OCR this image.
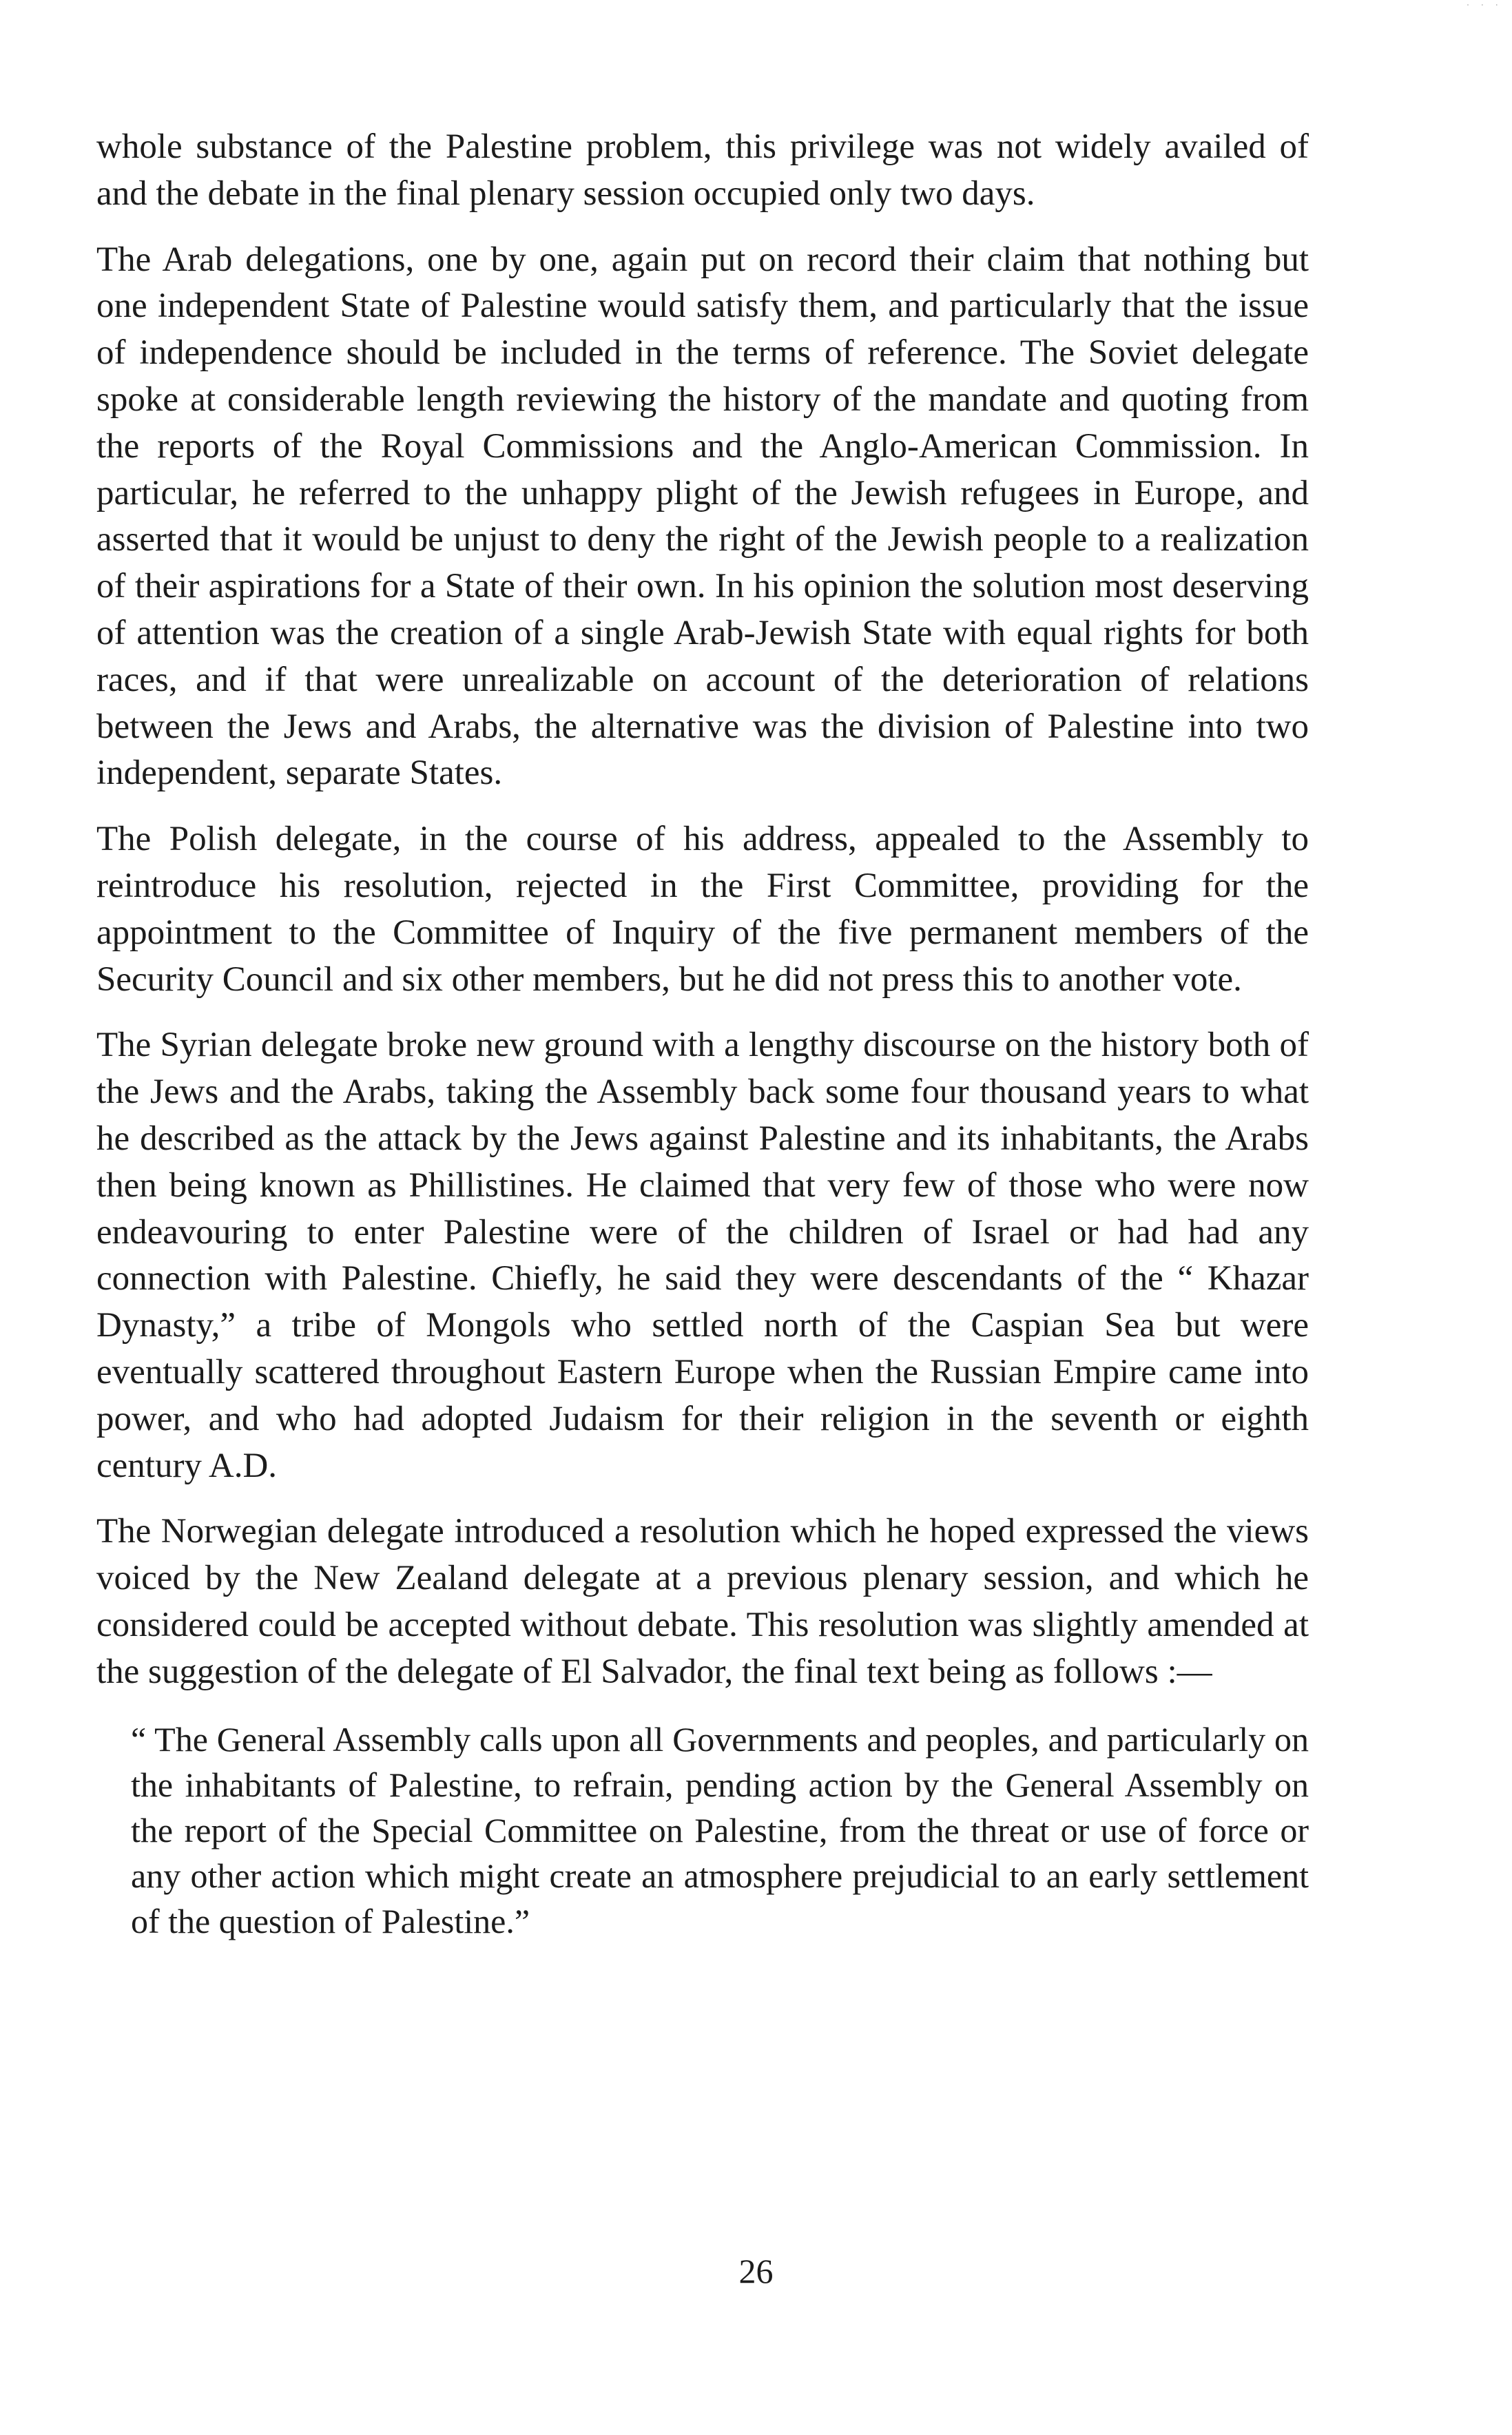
· · ·

whole substance of the Palestine problem, this privilege was not widely availed of and the debate in the final plenary session occupied only two days.

The Arab delegations, one by one, again put on record their claim that nothing but one independent State of Palestine would satisfy them, and particularly that the issue of independence should be included in the terms of reference. The Soviet delegate spoke at considerable length reviewing the history of the mandate and quoting from the reports of the Royal Commissions and the Anglo-American Commission. In particular, he referred to the unhappy plight of the Jewish refugees in Europe, and asserted that it would be unjust to deny the right of the Jewish people to a realization of their aspirations for a State of their own. In his opinion the solution most deserving of attention was the creation of a single Arab-Jewish State with equal rights for both races, and if that were unrealizable on account of the deterioration of relations between the Jews and Arabs, the alternative was the division of Palestine into two independent, separate States.

The Polish delegate, in the course of his address, appealed to the Assembly to reintroduce his resolution, rejected in the First Committee, providing for the appointment to the Committee of Inquiry of the five permanent members of the Security Council and six other members, but he did not press this to another vote.

The Syrian delegate broke new ground with a lengthy discourse on the history both of the Jews and the Arabs, taking the Assembly back some four thousand years to what he described as the attack by the Jews against Palestine and its inhabitants, the Arabs then being known as Phillistines. He claimed that very few of those who were now endeavouring to enter Palestine were of the children of Israel or had had any connection with Palestine. Chiefly, he said they were descendants of the “ Khazar Dynasty,” a tribe of Mongols who settled north of the Caspian Sea but were eventually scattered throughout Eastern Europe when the Russian Empire came into power, and who had adopted Judaism for their religion in the seventh or eighth century A.D.

The Norwegian delegate introduced a resolution which he hoped expressed the views voiced by the New Zealand delegate at a previous plenary session, and which he considered could be accepted without debate. This resolution was slightly amended at the suggestion of the delegate of El Salvador, the final text being as follows :—

“ The General Assembly calls upon all Governments and peoples, and particularly on the inhabitants of Palestine, to refrain, pending action by the General Assembly on the report of the Special Committee on Palestine, from the threat or use of force or any other action which might create an atmosphere prejudicial to an early settlement of the question of Palestine.”

26
